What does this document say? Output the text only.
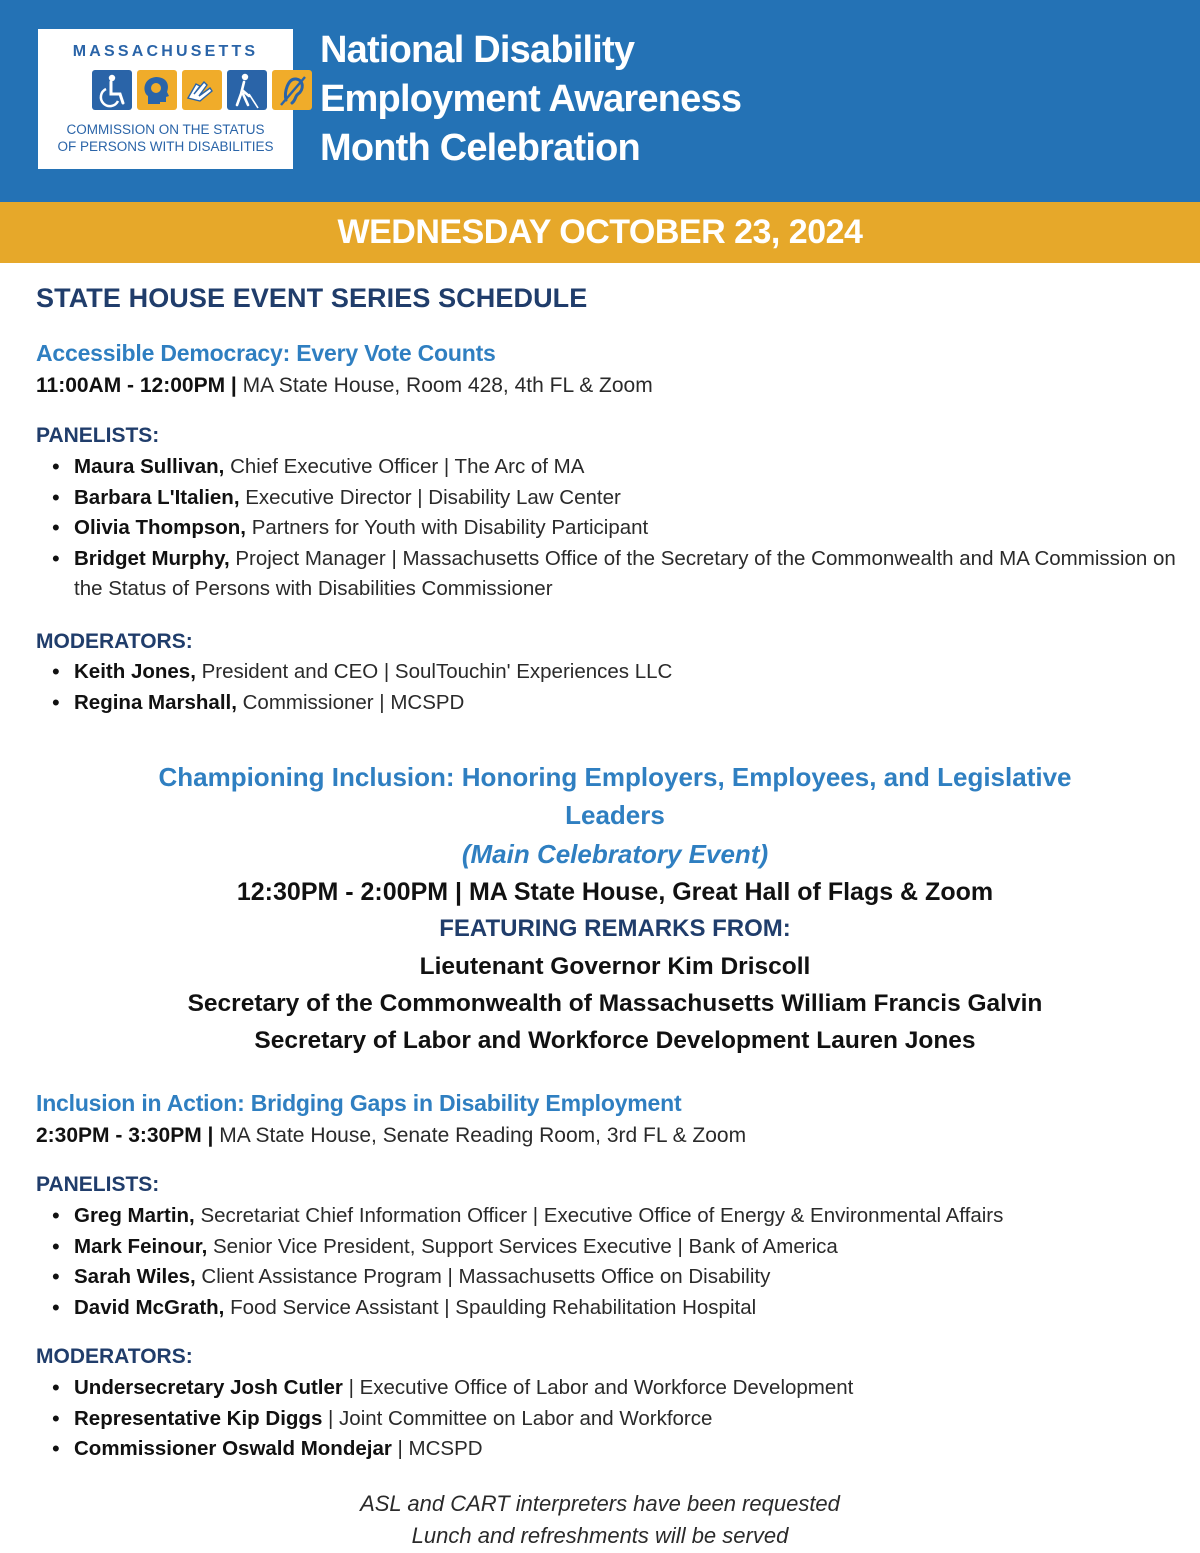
MASSACHUSETTS
COMMISSION ON THE STATUS
OF PERSONS WITH DISABILITIES
National Disability
Employment Awareness
Month Celebration
WEDNESDAY OCTOBER 23, 2024
STATE HOUSE EVENT SERIES SCHEDULE
Accessible Democracy: Every Vote Counts
11:00AM - 12:00PM | MA State House, Room 428, 4th FL & Zoom
PANELISTS:
• Maura Sullivan, Chief Executive Officer | The Arc of MA
• Barbara L'Italien, Executive Director | Disability Law Center
• Olivia Thompson, Partners for Youth with Disability Participant
• Bridget Murphy, Project Manager | Massachusetts Office of the Secretary of the Commonwealth and MA Commission on the Status of Persons with Disabilities Commissioner
MODERATORS:
• Keith Jones, President and CEO | SoulTouchin' Experiences LLC
• Regina Marshall, Commissioner | MCSPD
Championing Inclusion: Honoring Employers, Employees, and Legislative
Leaders
(Main Celebratory Event)
12:30PM - 2:00PM | MA State House, Great Hall of Flags & Zoom
FEATURING REMARKS FROM:
Lieutenant Governor Kim Driscoll
Secretary of the Commonwealth of Massachusetts William Francis Galvin
Secretary of Labor and Workforce Development Lauren Jones
Inclusion in Action: Bridging Gaps in Disability Employment
2:30PM - 3:30PM | MA State House, Senate Reading Room, 3rd FL & Zoom
PANELISTS:
• Greg Martin, Secretariat Chief Information Officer | Executive Office of Energy & Environmental Affairs
• Mark Feinour, Senior Vice President, Support Services Executive | Bank of America
• Sarah Wiles, Client Assistance Program | Massachusetts Office on Disability
• David McGrath, Food Service Assistant | Spaulding Rehabilitation Hospital
MODERATORS:
• Undersecretary Josh Cutler | Executive Office of Labor and Workforce Development
• Representative Kip Diggs | Joint Committee on Labor and Workforce
• Commissioner Oswald Mondejar | MCSPD
ASL and CART interpreters have been requested
Lunch and refreshments will be served
